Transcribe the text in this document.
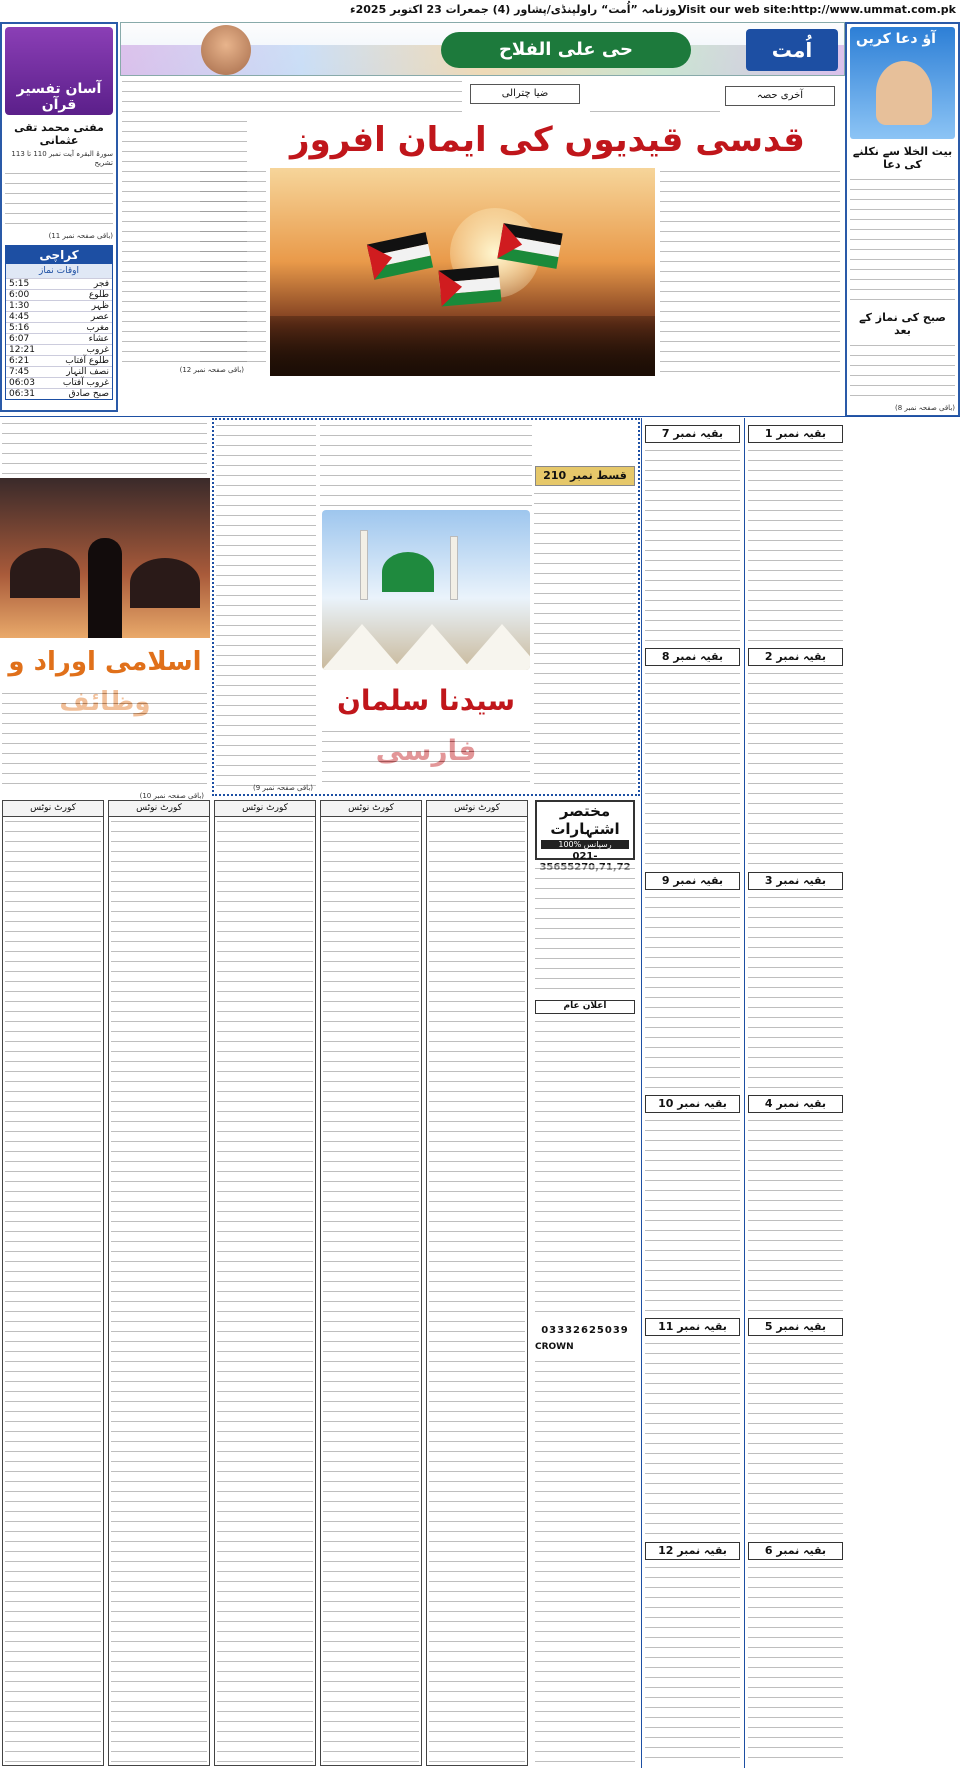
روزنامہ ”اُمت“ راولپنڈی/پشاور (4) جمعرات 23 اکتوبر 2025ء
Visit our web site:http://www.ummat.com.pk
حی علی الفلاح	اُمت
آسان تفسیر قرآن
مفتی محمد تقی عثمانی
سورۃ البقرہ آیت نمبر 110 تا 113 تشریح
(باقی صفحہ نمبر 11)
کراچی
اوقات نماز
5:15	فجر
6:00	طلوع
1:30	ظہر
4:45	عصر
5:16	مغرب
6:07	عشاء
12:21	غروب
6:21	طلوع آفتاب
7:45	نصف النہار
06:03	غروب آفتاب
06:31	صبح صادق
آؤ دعا کریں
بیت الخلا سے نکلنے کی دعا
صبح کی نماز کے بعد
(باقی صفحہ نمبر 8)
آخری حصہ
ضیا چترالی
قدسی قیدیوں کی ایمان افروز
(باقی صفحہ نمبر 12)
اسلامی اوراد و
(باقی صفحہ نمبر 10)
قسط نمبر 210
سیدنا سلمان
(باقی صفحہ نمبر 9)
بقیہ نمبر 7
بقیہ نمبر 8
بقیہ نمبر 9
بقیہ نمبر 10
بقیہ نمبر 11
بقیہ نمبر 12
بقیہ نمبر 1
بقیہ نمبر 2
بقیہ نمبر 3
بقیہ نمبر 4
بقیہ نمبر 5
بقیہ نمبر 6
کورٹ نوٹس	کورٹ نوٹس	کورٹ نوٹس	کورٹ نوٹس	کورٹ نوٹس	مختصر اشتہارات
100% رسپانس
021-
اعلان عام
03332625039
CROWN
